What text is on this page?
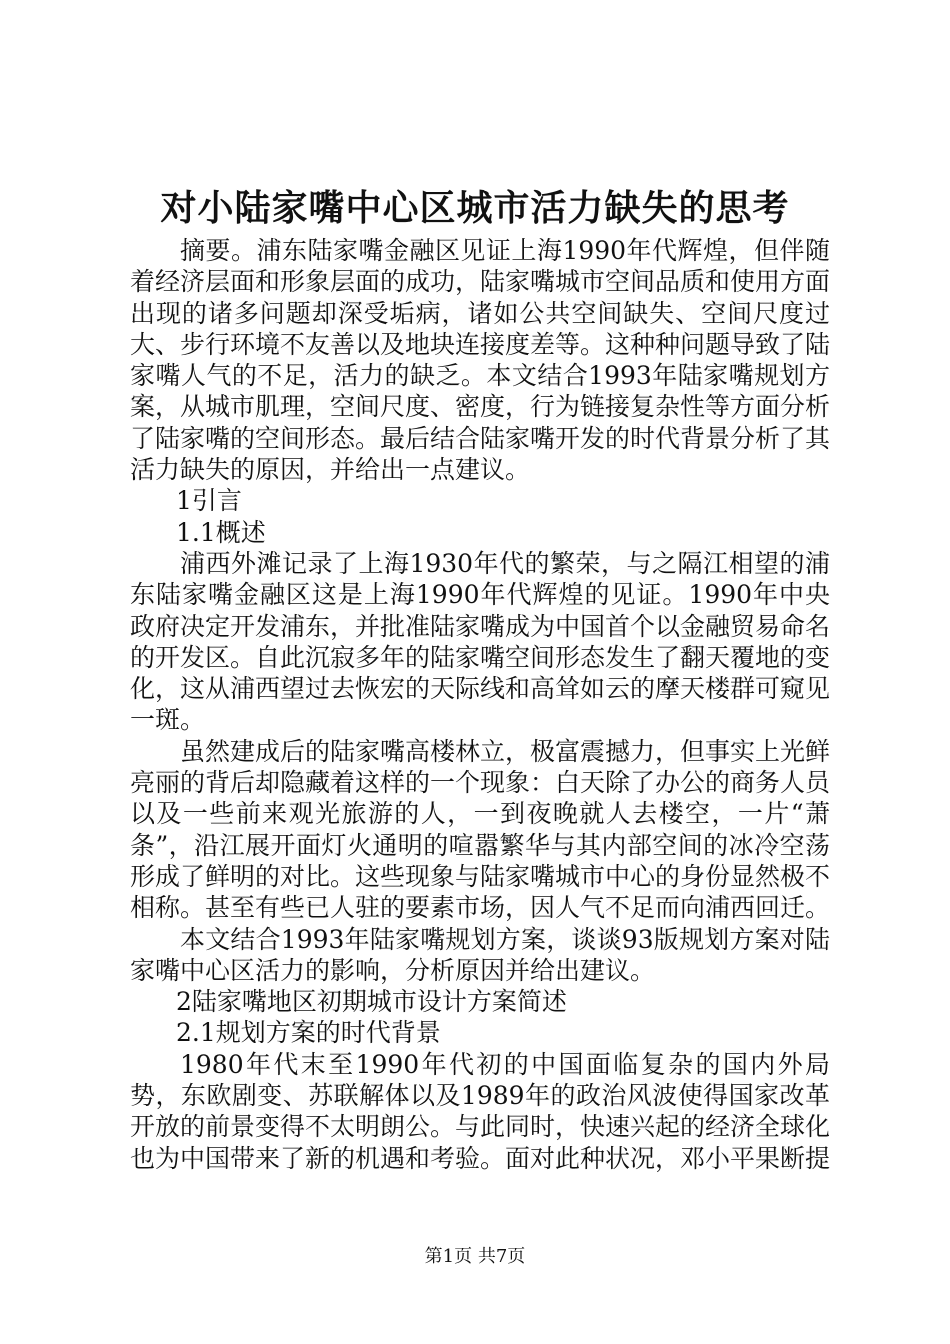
对小陆家嘴中心区城市活力缺失的思考

摘要。浦东陆家嘴金融区见证上海1990年代辉煌，但伴随着经济层面和形象层面的成功，陆家嘴城市空间品质和使用方面出现的诸多问题却深受垢病，诸如公共空间缺失、空间尺度过大、步行环境不友善以及地块连接度差等。这种种问题导致了陆家嘴人气的不足，活力的缺乏。本文结合1993年陆家嘴规划方案，从城市肌理，空间尺度、密度，行为链接复杂性等方面分析了陆家嘴的空间形态。最后结合陆家嘴开发的时代背景分析了其活力缺失的原因，并给出一点建议。

1引言

1.1概述

浦西外滩记录了上海1930年代的繁荣，与之隔江相望的浦东陆家嘴金融区这是上海1990年代辉煌的见证。1990年中央政府决定开发浦东，并批准陆家嘴成为中国首个以金融贸易命名的开发区。自此沉寂多年的陆家嘴空间形态发生了翻天覆地的变化，这从浦西望过去恢宏的天际线和高耸如云的摩天楼群可窥见一斑。

虽然建成后的陆家嘴高楼林立，极富震撼力，但事实上光鲜亮丽的背后却隐藏着这样的一个现象：白天除了办公的商务人员以及一些前来观光旅游的人，一到夜晚就人去楼空，一片“萧条”，沿江展开面灯火通明的喧嚣繁华与其内部空间的冰冷空荡形成了鲜明的对比。这些现象与陆家嘴城市中心的身份显然极不相称。甚至有些已人驻的要素市场，因人气不足而向浦西回迁。

本文结合1993年陆家嘴规划方案，谈谈93版规划方案对陆家嘴中心区活力的影响，分析原因并给出建议。

2陆家嘴地区初期城市设计方案简述

2.1规划方案的时代背景

1980年代末至1990年代初的中国面临复杂的国内外局势，东欧剧变、苏联解体以及1989年的政治风波使得国家改革开放的前景变得不太明朗公。与此同时，快速兴起的经济全球化也为中国带来了新的机遇和考验。面对此种状况，邓小平果断提

第1页 共7页
